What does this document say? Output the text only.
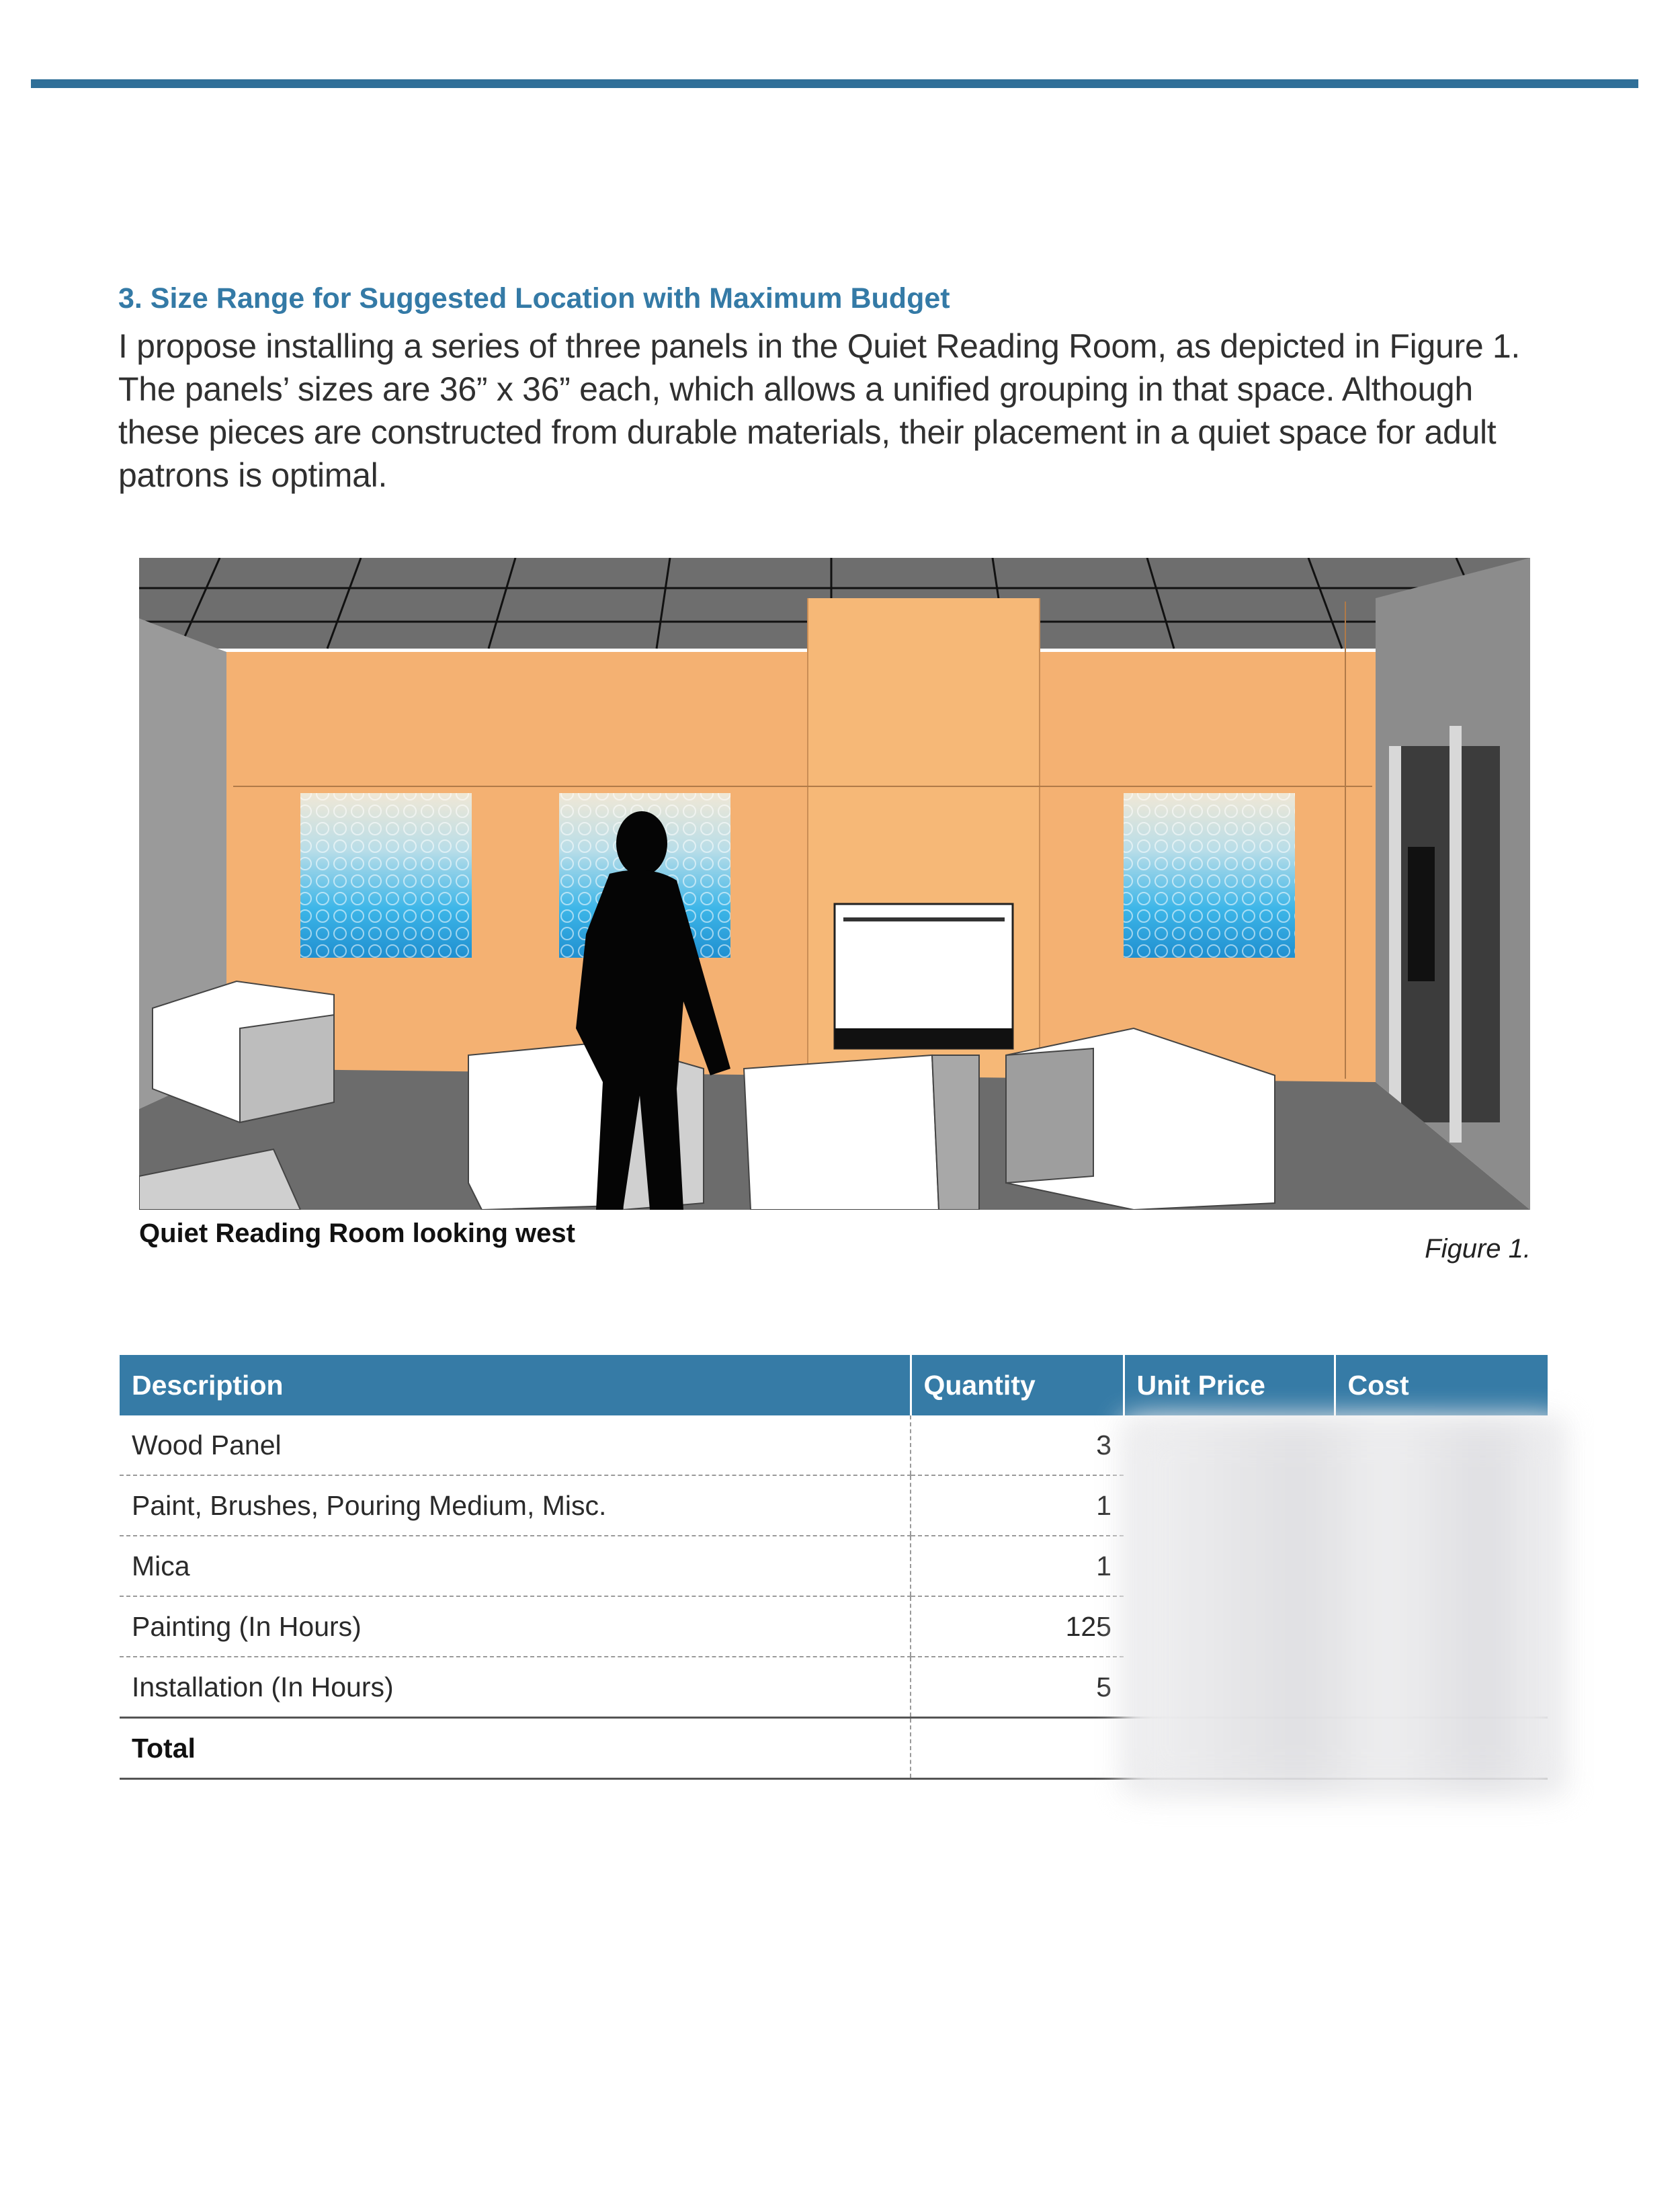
3. Size Range for Suggested Location with Maximum Budget
I propose installing a series of three panels in the Quiet Reading Room, as depicted in Figure 1. The panels’ sizes are 36” x 36” each, which allows a unified grouping in that space. Although these pieces are constructed from durable materials, their placement in a quiet space for adult patrons is optimal.
Quiet Reading Room looking west
Figure 1.
Description	Quantity	Unit Price	Cost
Wood Panel	3		
Paint, Brushes, Pouring Medium, Misc.	1		
Mica	1		
Painting (In Hours)	125		
Installation (In Hours)	5		
Total			
